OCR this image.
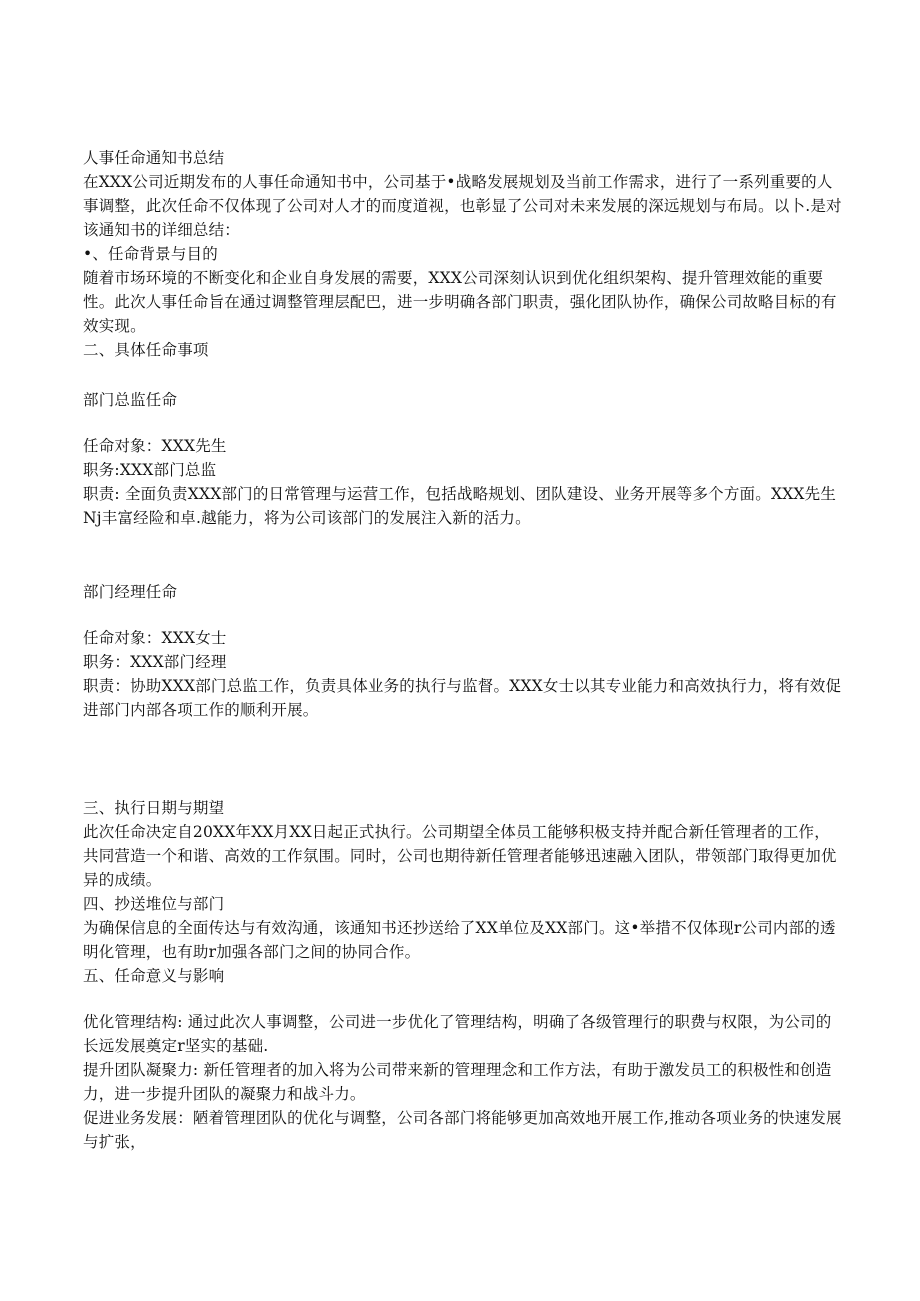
人事任命通知书总结
在XXX公司近期发布的人事任命通知书中，公司基于•战略发展规划及当前工作需求，进行了一系列重要的人事调整，此次任命不仅体现了公司对人才的而度道视，也彰显了公司对未来发展的深远规划与布局。以卜.是对该通知书的详细总结：
•、任命背景与目的
随着市场环境的不断变化和企业自身发展的需要，XXX公司深刻认识到优化组织架构、提升管理效能的重要性。此次人事任命旨在通过调整管理层配巴，进一步明确各部门职责，强化团队协作，确保公司故略目标的有效实现。
二、具体任命事项
部门总监任命
任命对象：XXX先生
职务:XXX部门总监
职责: 全面负责XXX部门的日常管理与运营工作，包括战略规划、团队建设、业务开展等多个方面。XXX先生Nj丰富经险和卓.越能力，将为公司该部门的发展注入新的活力。
部门经理任命
任命对象：XXX女士
职务：XXX部门经理
职责：协助XXX部门总监工作，负责具体业务的执行与监督。XXX女士以其专业能力和高效执行力，将有效促进部门内部各项工作的顺利开展。
三、执行日期与期望
此次任命决定自20XX年XX月XX日起正式执行。公司期望全体员工能够积极支持并配合新任管理者的工作，共同营造一个和谐、高效的工作氛围。同时，公司也期待新任管理者能够迅速融入团队，带领部门取得更加优异的成绩。
四、抄送堆位与部门
为确保信息的全面传达与有效沟通，该通知书还抄送给了XX单位及XX部门。这•举措不仅体现r公司内部的透明化管理，也有助r加强各部门之间的协同合作。
五、任命意义与影响
优化管理结构: 通过此次人事调整，公司进一步优化了管理结构，明确了各级管理行的职费与权限，为公司的长远发展奠定r坚实的基础.
提升团队凝聚力: 新任管理者的加入将为公司带来新的管理理念和工作方法，有助于激发员工的积极性和创造力，进一步提升团队的凝聚力和战斗力。
促进业务发展：陋着管理团队的优化与调整，公司各部门将能够更加高效地开展工作,推动各项业务的快速发展与扩张，
